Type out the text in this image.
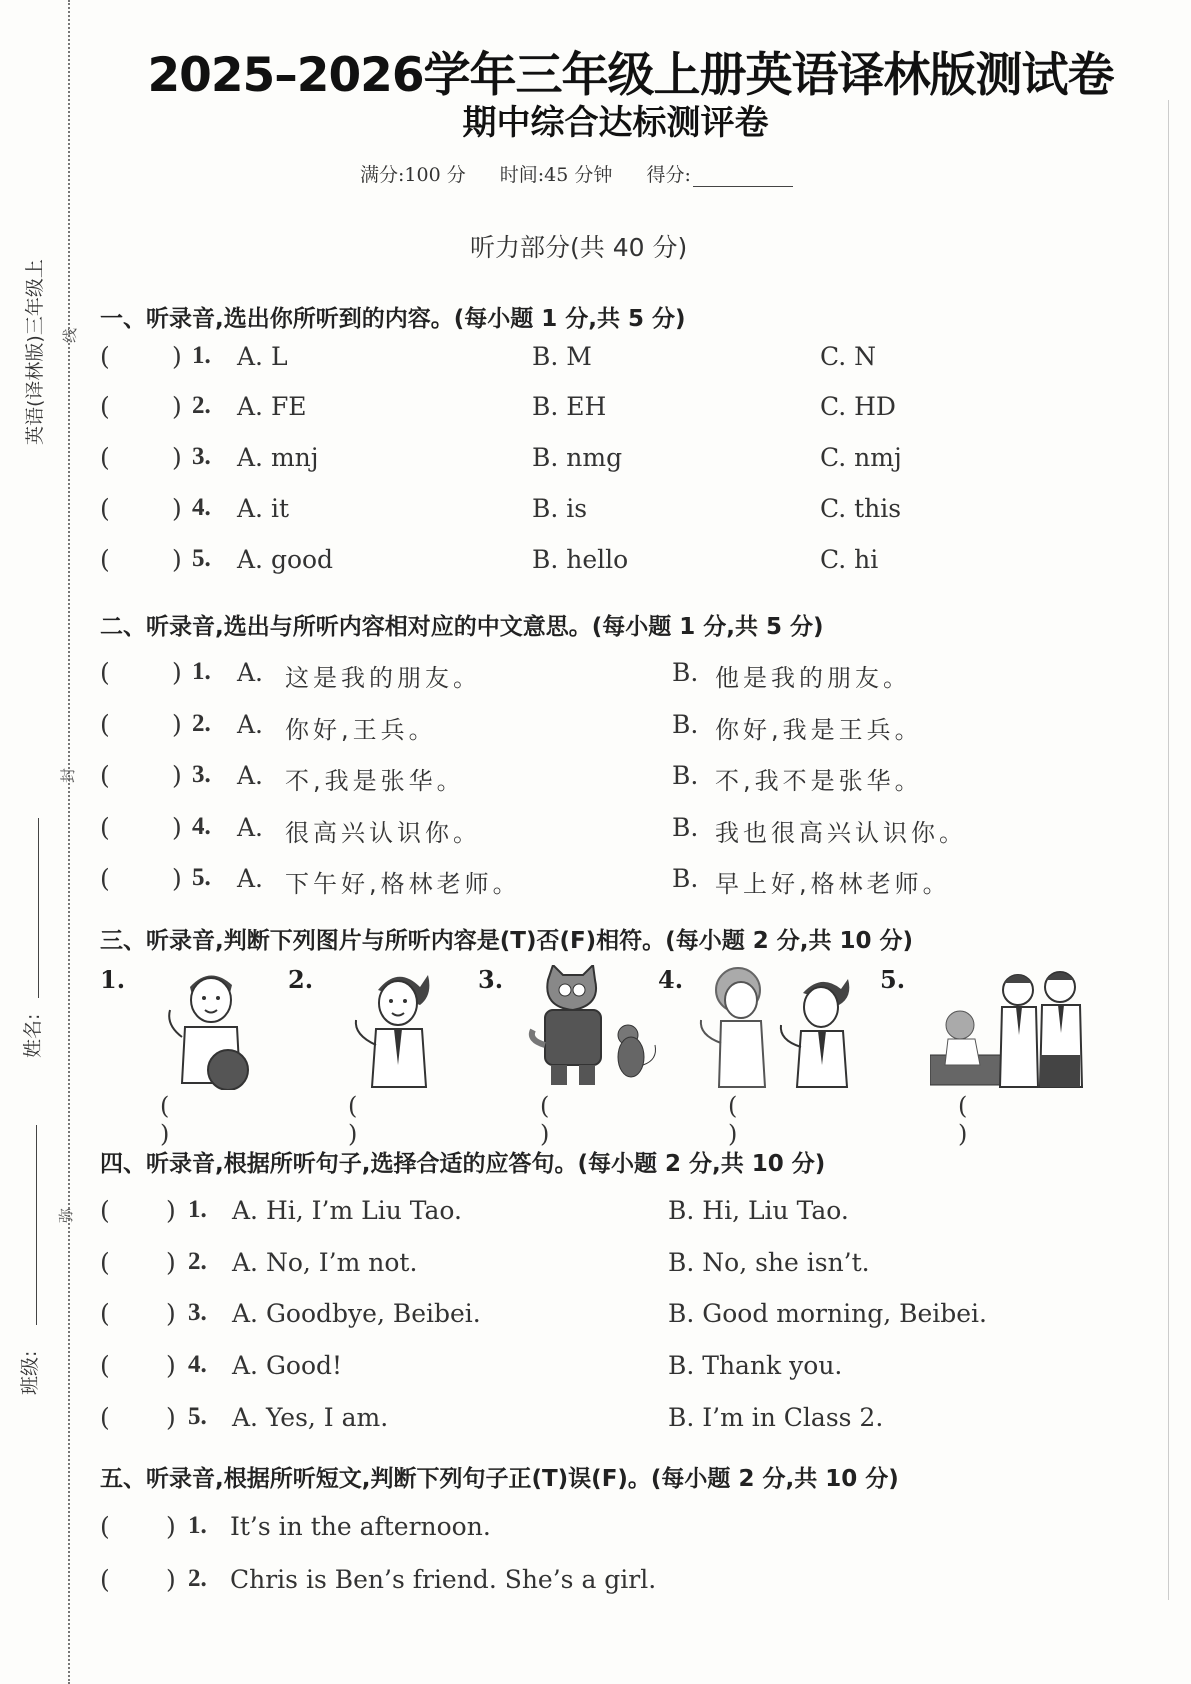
英语(译林版)三年级上 线
封
弥
姓名:
班级:
2025–2026学年三年级上册英语译林版测试卷
期中综合达标测评卷
满分:100 分 时间:45 分钟 得分:
听力部分(共 40 分)
一、听录音,选出你所听到的内容。(每小题 1 分,共 5 分)
( ) 1. A. L	B. M	C. N
( ) 2. A. FE	B. EH	C. HD
( ) 3. A. mnj	B. nmg	C. nmj
( ) 4. A. it	B. is	C. this
( ) 5. A. good	B. hello	C. hi
二、听录音,选出与所听内容相对应的中文意思。(每小题 1 分,共 5 分)
( ) 1. A. 这是我的朋友。	B. 他是我的朋友。
( ) 2. A. 你好,王兵。	B. 你好,我是王兵。
( ) 3. A. 不,我是张华。	B. 不,我不是张华。
( ) 4. A. 很高兴认识你。	B. 我也很高兴认识你。
( ) 5. A. 下午好,格林老师。	B. 早上好,格林老师。
三、听录音,判断下列图片与所听内容是(T)否(F)相符。(每小题 2 分,共 10 分)
1.
( )
2.
( )
3.
( )
4.
( )
5.
( )
四、听录音,根据所听句子,选择合适的应答句。(每小题 2 分,共 10 分)
( ) 1. A. Hi, I’m Liu Tao.	B. Hi, Liu Tao.
( ) 2. A. No, I’m not.	B. No, she isn’t.
( ) 3. A. Goodbye, Beibei.	B. Good morning, Beibei.
( ) 4. A. Good!	B. Thank you.
( ) 5. A. Yes, I am.	B. I’m in Class 2.
五、听录音,根据所听短文,判断下列句子正(T)误(F)。(每小题 2 分,共 10 分)
( ) 1. It’s in the afternoon.
( ) 2. Chris is Ben’s friend. She’s a girl.
